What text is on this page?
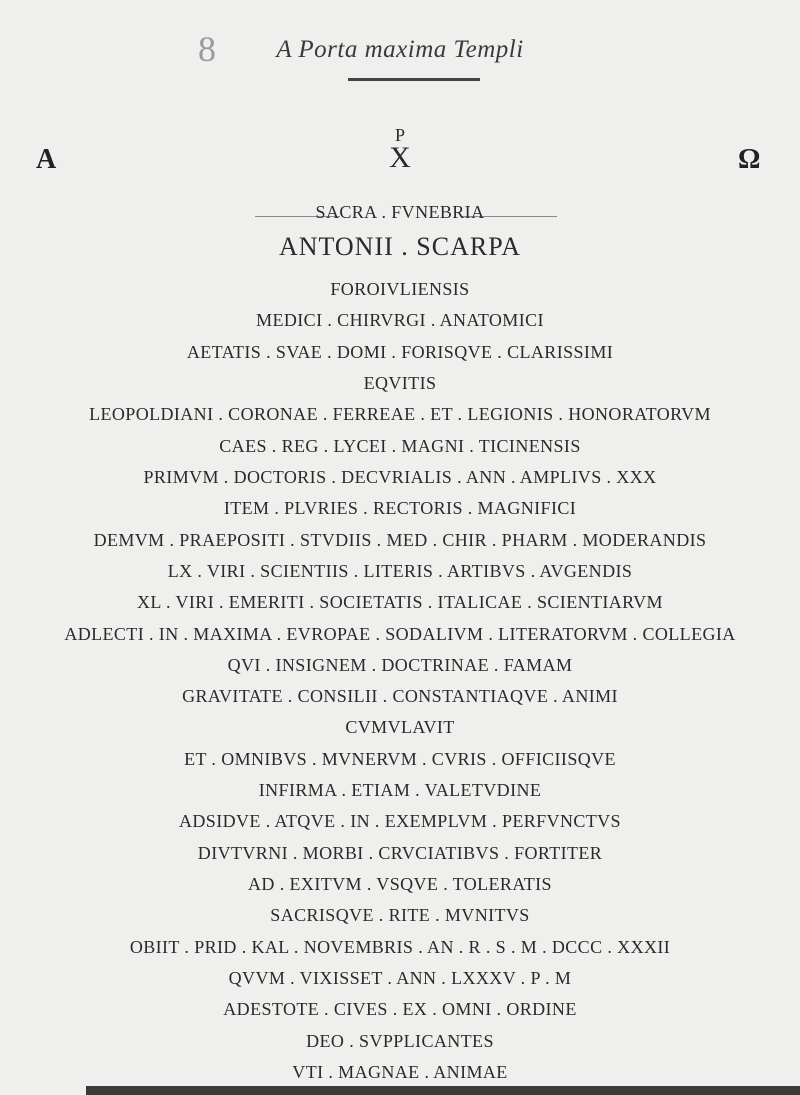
8	A Porta maxima Templi
P
X
A	Ω
SACRA . FVNEBRIA
ANTONII . SCARPA
FOROIVLIENSIS
MEDICI . CHIRVRGI . ANATOMICI
AETATIS . SVAE . DOMI . FORISQVE . CLARISSIMI
EQVITIS
LEOPOLDIANI . CORONAE . FERREAE . ET . LEGIONIS . HONORATORVM
CAES . REG . LYCEI . MAGNI . TICINENSIS
PRIMVM . DOCTORIS . DECVRIALIS . ANN . AMPLIVS . XXX
ITEM . PLVRIES . RECTORIS . MAGNIFICI
DEMVM . PRAEPOSITI . STVDIIS . MED . CHIR . PHARM . MODERANDIS
LX . VIRI . SCIENTIIS . LITERIS . ARTIBVS . AVGENDIS
XL . VIRI . EMERITI . SOCIETATIS . ITALICAE . SCIENTIARVM
ADLECTI . IN . MAXIMA . EVROPAE . SODALIVM . LITERATORVM . COLLEGIA
QVI . INSIGNEM . DOCTRINAE . FAMAM
GRAVITATE . CONSILII . CONSTANTIAQVE . ANIMI
CVMVLAVIT
ET . OMNIBVS . MVNERVM . CVRIS . OFFICIISQVE
INFIRMA . ETIAM . VALETVDINE
ADSIDVE . ATQVE . IN . EXEMPLVM . PERFVNCTVS
DIVTVRNI . MORBI . CRVCIATIBVS . FORTITER
AD . EXITVM . VSQVE . TOLERATIS
SACRISQVE . RITE . MVNITVS
OBIIT . PRID . KAL . NOVEMBRIS . AN . R . S . M . DCCC . XXXII
QVVM . VIXISSET . ANN . LXXXV . P . M
ADESTOTE . CIVES . EX . OMNI . ORDINE
DEO . SVPPLICANTES
VTI . MAGNAE . ANIMAE
